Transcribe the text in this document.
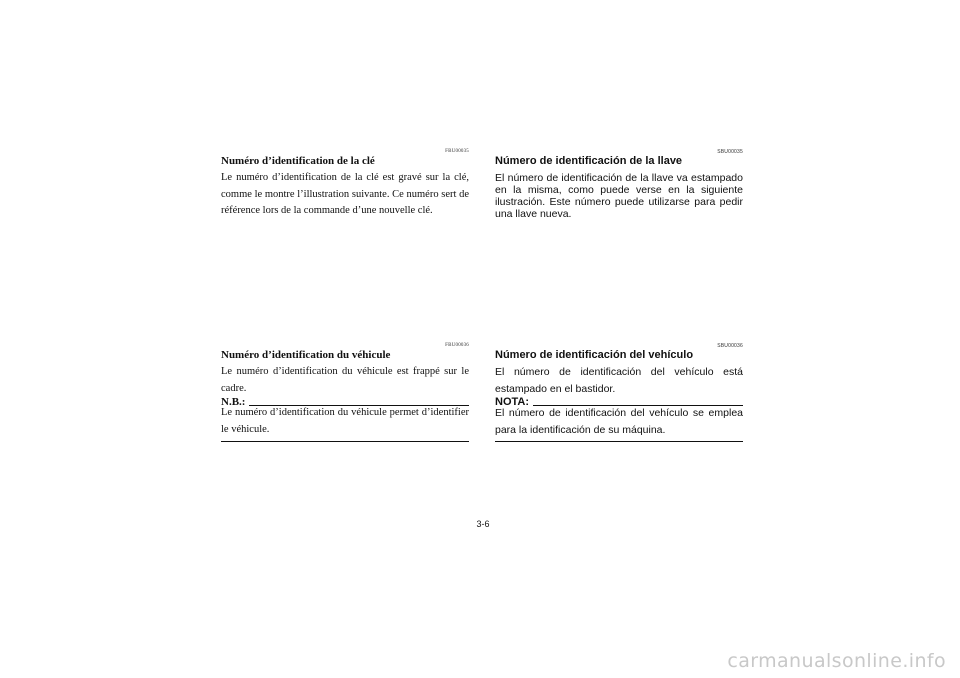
FBU00035
Numéro d’identification de la clé

Le numéro d’identification de la clé est gravé sur la clé, comme le montre l’illustration suivante. Ce numéro sert de référence lors de la commande d’une nouvelle clé.

FBU00036
Numéro d’identification du véhicule

Le numéro d’identification du véhicule est frappé sur le cadre.

N.B.:

Le numéro d’identification du véhicule permet d’identifier le véhicule.

SBU00035
Número de identificación de la llave

El número de identificación de la llave va estampado en la misma, como puede verse en la siguiente ilustración. Este número puede utilizarse para pedir una llave nueva.

SBU00036
Número de identificación del vehículo

El número de identificación del vehículo está estampado en el bastidor.

NOTA:

El número de identificación del vehículo se emplea para la identificación de su máquina.

3-6
carmanualsonline.info
